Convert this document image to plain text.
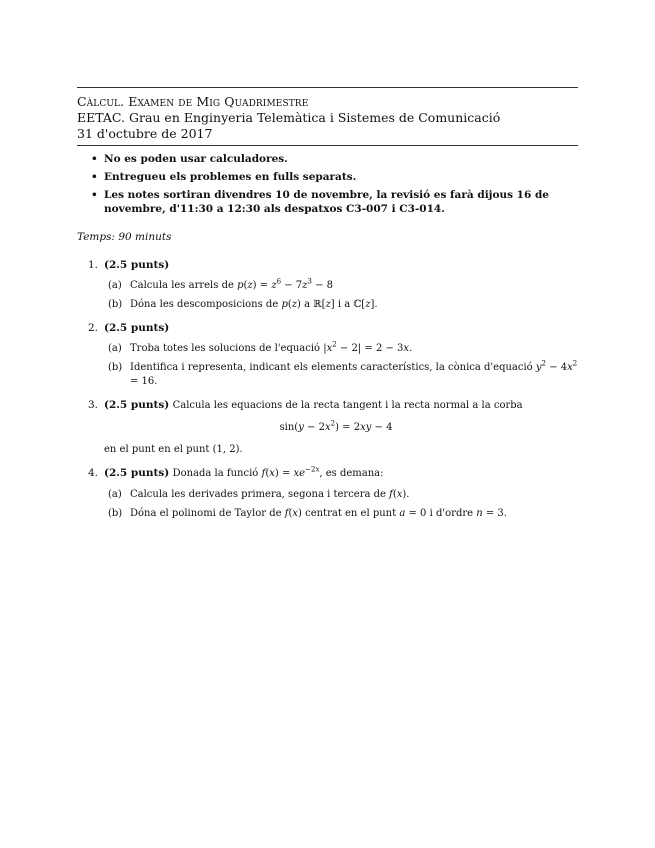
Càlcul. Examen de Mig Quadrimestre
EETAC. Grau en Enginyeria Telemàtica i Sistemes de Comunicació
31 d'octubre de 2017
• No es poden usar calculadores.
• Entregueu els problemes en fulls separats.
• Les notes sortiran divendres 10 de novembre, la revisió es farà dijous 16 de novembre, d'11:30 a 12:30 als despatxos C3-007 i C3-014.
Temps: 90 minuts
1. (2.5 punts)
(a) Calcula les arrels de $p(z) = z^6 - 7z^3 - 8$
(b) Dóna les descomposicions de p(z) a ℝ[z] i a ℂ[z].
2. (2.5 punts)
(a) Troba totes les solucions de l'equació $|x^2 - 2| = 2 - 3x$.
(b) Identifica i representa, indicant els elements característics, la cònica d'equació $y^2 - 4x^2 = 16$.
3. (2.5 punts) Calcula les equacions de la recta tangent i la recta normal a la corba
$\sin(y - 2x^2) = 2xy - 4$
en el punt en el punt (1, 2).
4. (2.5 punts) Donada la funció $f(x) = xe^{-2x}$, es demana:
(a) Calcula les derivades primera, segona i tercera de f(x).
(b) Dóna el polinomi de Taylor de f(x) centrat en el punt a = 0 i d'ordre n = 3.
